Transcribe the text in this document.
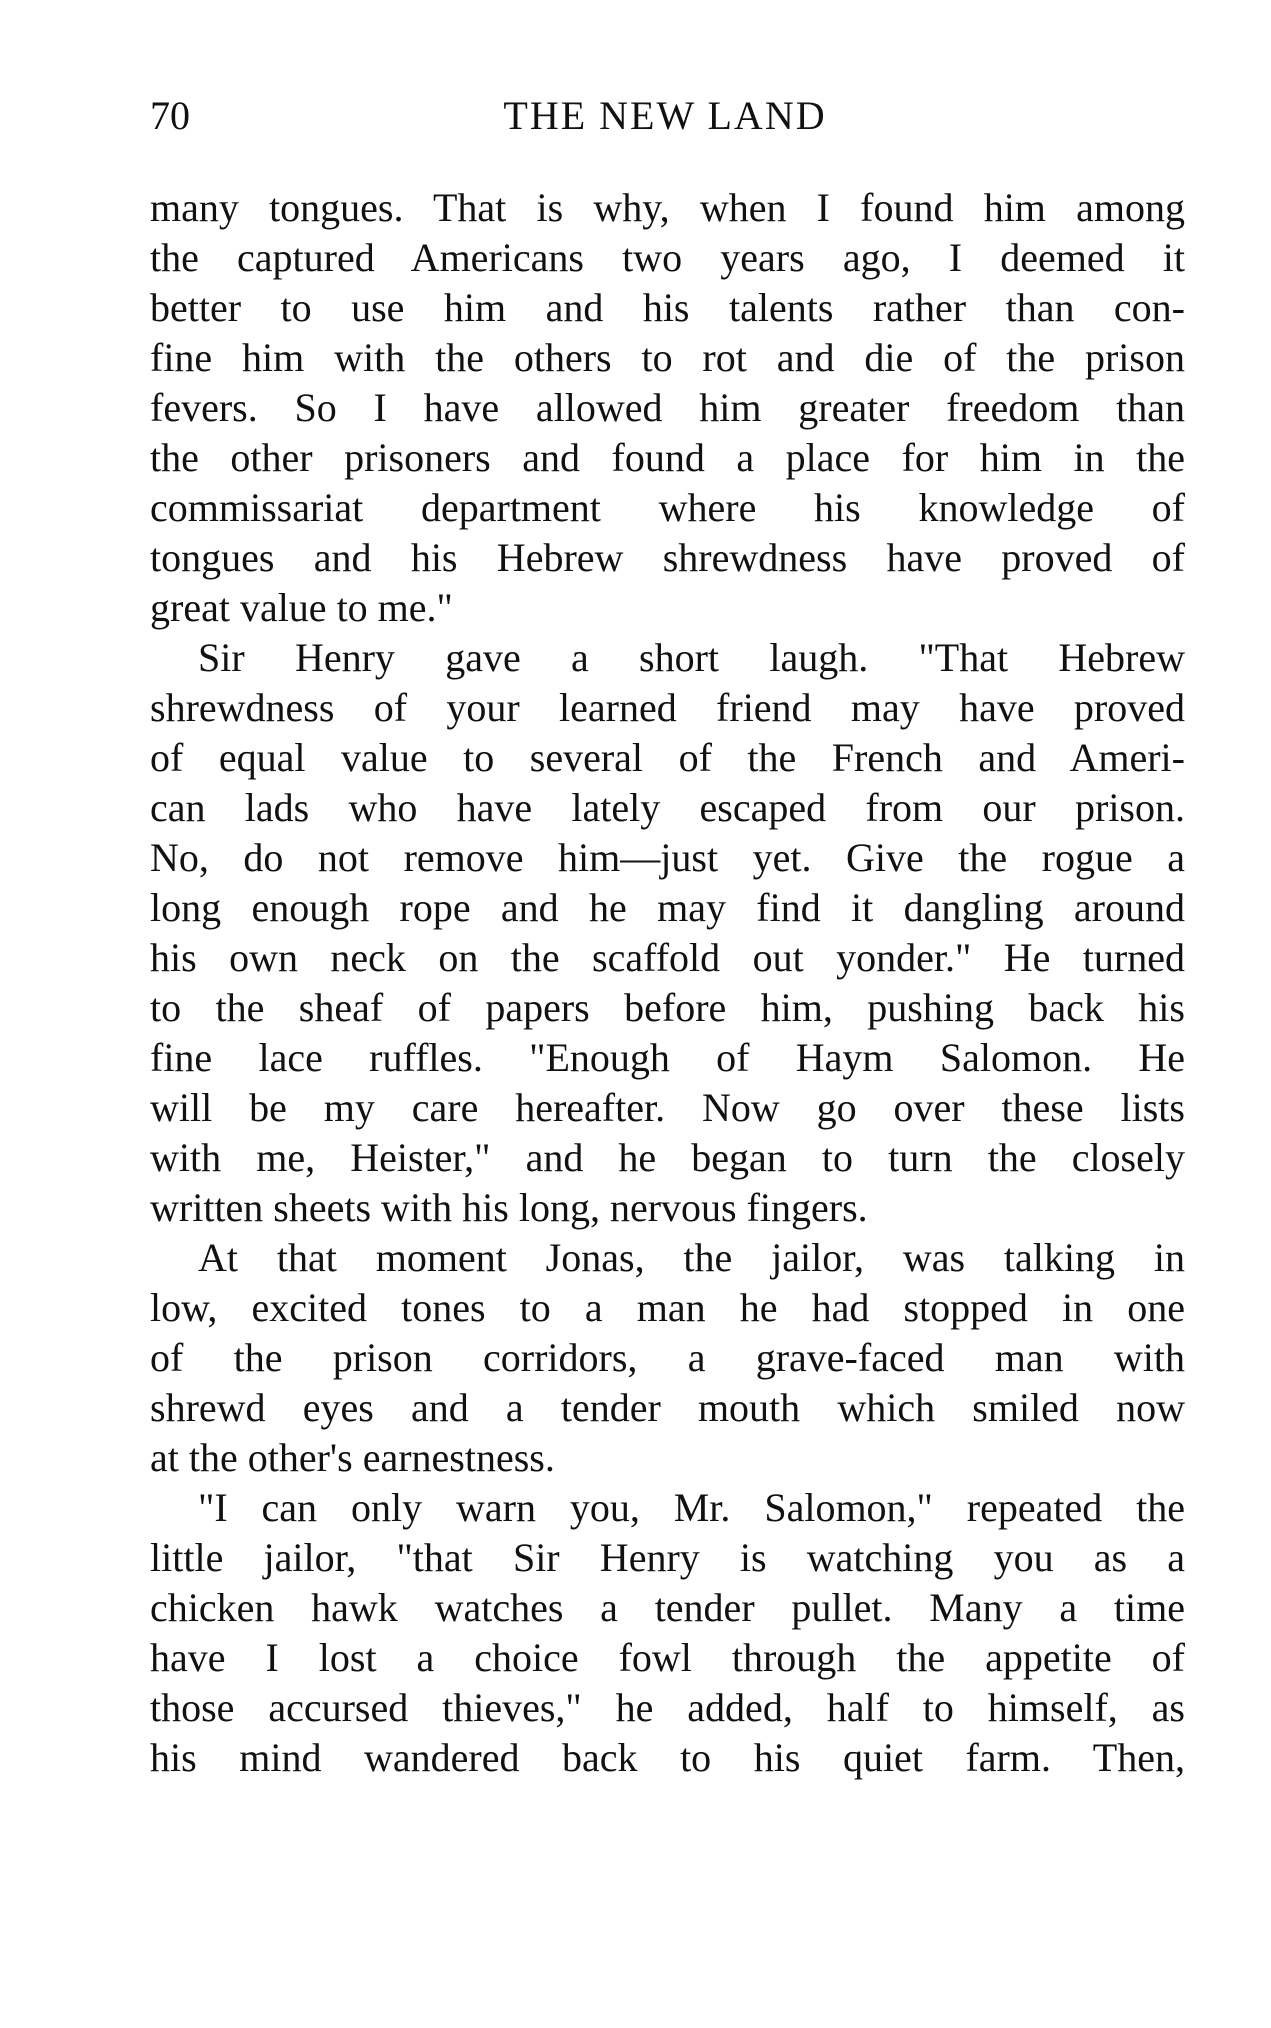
70	THE NEW LAND
many tongues. That is why, when I found him among
the captured Americans two years ago, I deemed it
better to use him and his talents rather than con-
fine him with the others to rot and die of the prison
fevers. So I have allowed him greater freedom than
the other prisoners and found a place for him in the
commissariat department where his knowledge of
tongues and his Hebrew shrewdness have proved of
great value to me."
Sir Henry gave a short laugh. "That Hebrew
shrewdness of your learned friend may have proved
of equal value to several of the French and Ameri-
can lads who have lately escaped from our prison.
No, do not remove him—just yet. Give the rogue a
long enough rope and he may find it dangling around
his own neck on the scaffold out yonder." He turned
to the sheaf of papers before him, pushing back his
fine lace ruffles. "Enough of Haym Salomon. He
will be my care hereafter. Now go over these lists
with me, Heister," and he began to turn the closely
written sheets with his long, nervous fingers.
At that moment Jonas, the jailor, was talking in
low, excited tones to a man he had stopped in one
of the prison corridors, a grave-faced man with
shrewd eyes and a tender mouth which smiled now
at the other's earnestness.
"I can only warn you, Mr. Salomon," repeated the
little jailor, "that Sir Henry is watching you as a
chicken hawk watches a tender pullet. Many a time
have I lost a choice fowl through the appetite of
those accursed thieves," he added, half to himself, as
his mind wandered back to his quiet farm. Then,
